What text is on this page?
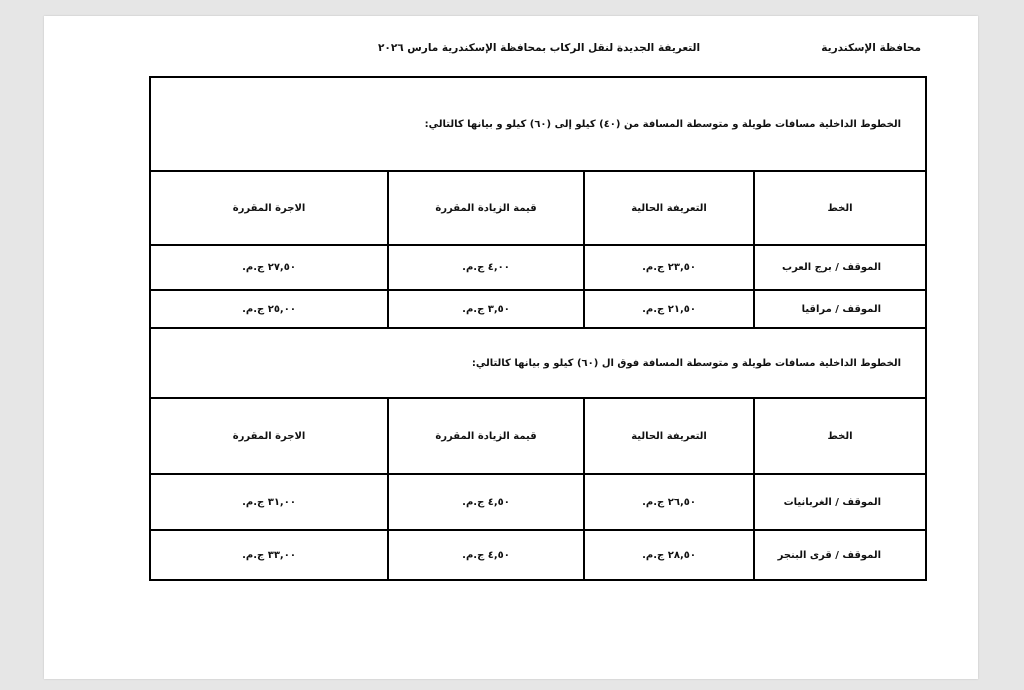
محافظة الإسكندرية
التعريفة الجديدة لنقل الركاب بمحافظة الإسكندرية مارس ٢٠٢٦
الخطوط الداخلية مسافات طويلة و متوسطة المسافة من (٤٠) كيلو إلى (٦٠) كيلو و بيانها كالتالي:			
الخط	التعريفة الحالية	قيمة الزيادة المقررة	الاجرة المقررة
الموقف / برج العرب	٢٣,٥٠ ج.م.	٤,٠٠ ج.م.	٢٧,٥٠ ج.م.
الموقف / مراقيا	٢١,٥٠ ج.م.	٣,٥٠ ج.م.	٢٥,٠٠ ج.م.
الخطوط الداخلية مسافات طويلة و متوسطة المسافة فوق ال (٦٠) كيلو و بيانها كالتالي:			
الخط	التعريفة الحالية	قيمة الزيادة المقررة	الاجرة المقررة
الموقف / الغربانيات	٢٦,٥٠ ج.م.	٤,٥٠ ج.م.	٣١,٠٠ ج.م.
الموقف / قرى البنجر	٢٨,٥٠ ج.م.	٤,٥٠ ج.م.	٣٣,٠٠ ج.م.
